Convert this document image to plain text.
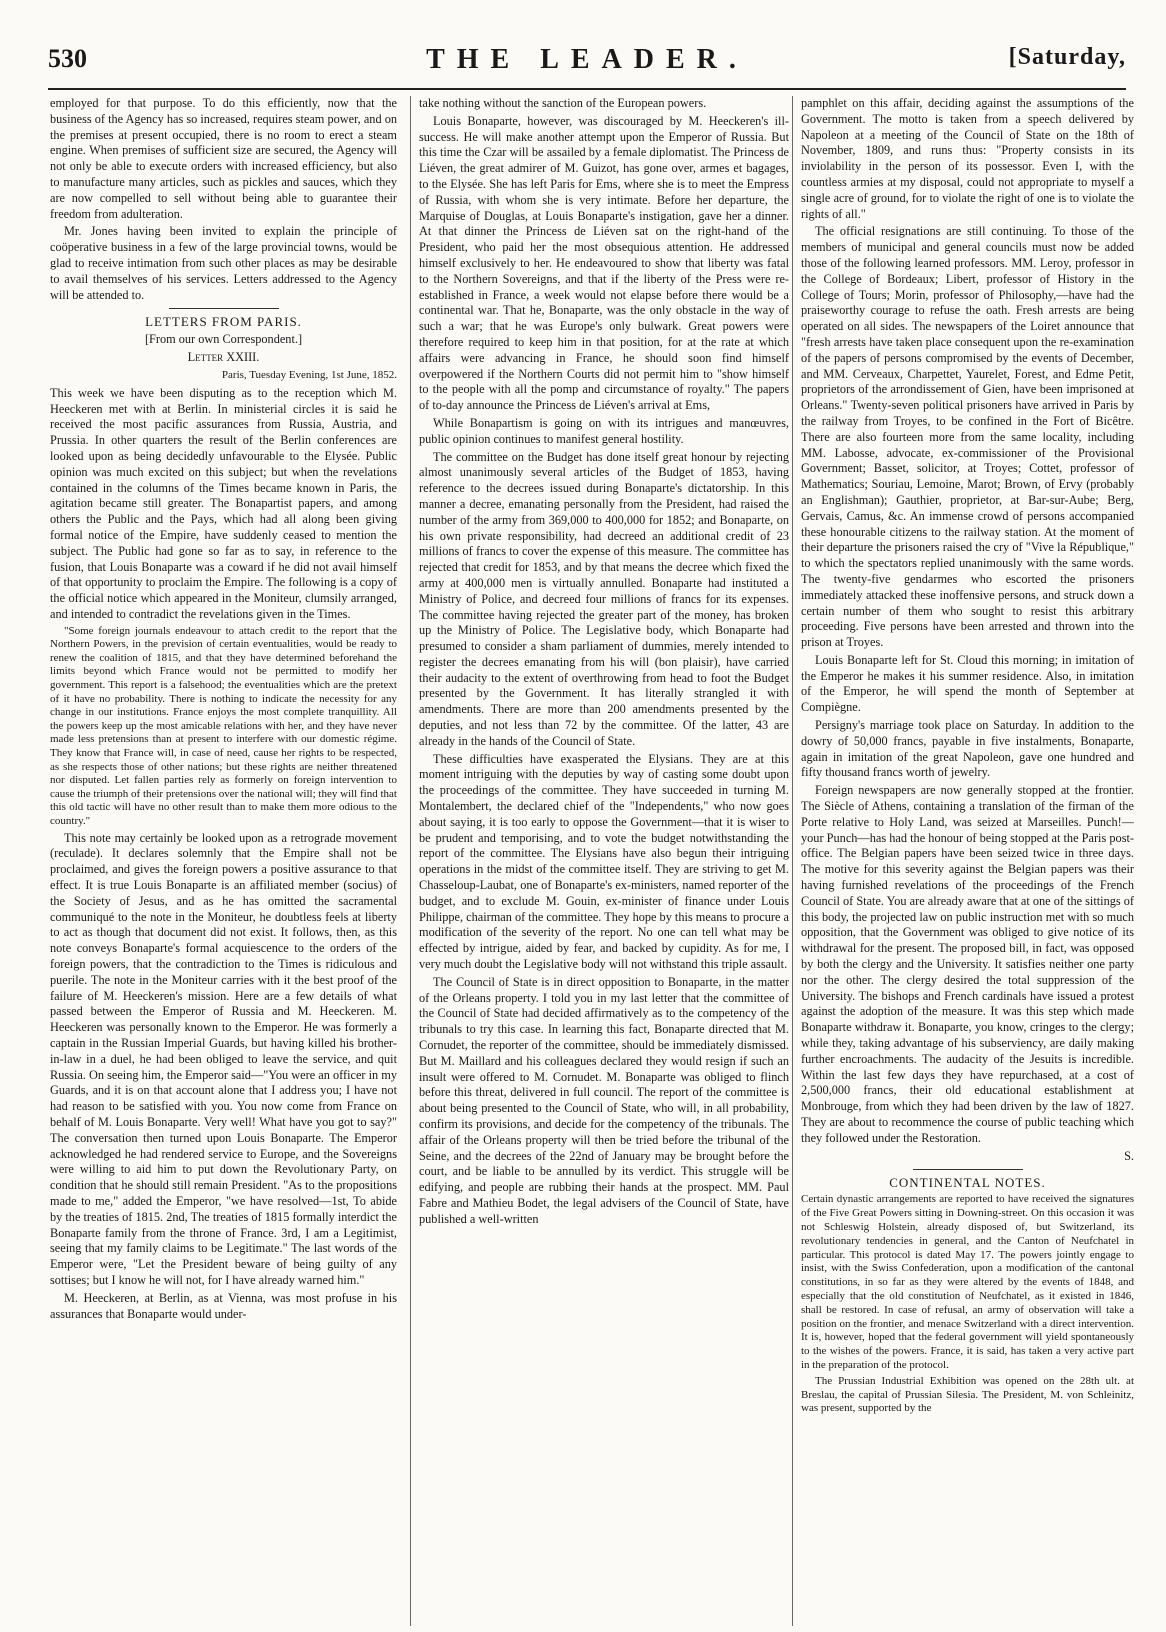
530	THE LEADER.	[Saturday,

employed for that purpose. To do this efficiently, now that the business of the Agency has so increased, requires steam power, and on the premises at present occupied, there is no room to erect a steam engine. When premises of sufficient size are secured, the Agency will not only be able to execute orders with increased efficiency, but also to manufacture many articles, such as pickles and sauces, which they are now compelled to sell without being able to guarantee their freedom from adulteration.

Mr. Jones having been invited to explain the principle of coöperative business in a few of the large provincial towns, would be glad to receive intimation from such other places as may be desirable to avail themselves of his services. Letters addressed to the Agency will be attended to.

LETTERS FROM PARIS.
[From our own Correspondent.]
Letter XXIII.
Paris, Tuesday Evening, 1st June, 1852.

This week we have been disputing as to the reception which M. Heeckeren met with at Berlin. In ministerial circles it is said he received the most pacific assurances from Russia, Austria, and Prussia. In other quarters the result of the Berlin conferences are looked upon as being decidedly unfavourable to the Elysée. Public opinion was much excited on this subject; but when the revelations contained in the columns of the Times became known in Paris, the agitation became still greater. The Bonapartist papers, and among others the Public and the Pays, which had all along been giving formal notice of the Empire, have suddenly ceased to mention the subject. The Public had gone so far as to say, in reference to the fusion, that Louis Bonaparte was a coward if he did not avail himself of that opportunity to proclaim the Empire. The following is a copy of the official notice which appeared in the Moniteur, clumsily arranged, and intended to contradict the revelations given in the Times.

"Some foreign journals endeavour to attach credit to the report that the Northern Powers, in the prevision of certain eventualities, would be ready to renew the coalition of 1815, and that they have determined beforehand the limits beyond which France would not be permitted to modify her government. This report is a falsehood; the eventualities which are the pretext of it have no probability. There is nothing to indicate the necessity for any change in our institutions. France enjoys the most complete tranquillity. All the powers keep up the most amicable relations with her, and they have never made less pretensions than at present to interfere with our domestic régime. They know that France will, in case of need, cause her rights to be respected, as she respects those of other nations; but these rights are neither threatened nor disputed. Let fallen parties rely as formerly on foreign intervention to cause the triumph of their pretensions over the national will; they will find that this old tactic will have no other result than to make them more odious to the country."

This note may certainly be looked upon as a retrograde movement (reculade). It declares solemnly that the Empire shall not be proclaimed, and gives the foreign powers a positive assurance to that effect. It is true Louis Bonaparte is an affiliated member (socius) of the Society of Jesus, and as he has omitted the sacramental communiqué to the note in the Moniteur, he doubtless feels at liberty to act as though that document did not exist. It follows, then, as this note conveys Bonaparte's formal acquiescence to the orders of the foreign powers, that the contradiction to the Times is ridiculous and puerile. The note in the Moniteur carries with it the best proof of the failure of M. Heeckeren's mission. Here are a few details of what passed between the Emperor of Russia and M. Heeckeren. M. Heeckeren was personally known to the Emperor. He was formerly a captain in the Russian Imperial Guards, but having killed his brother-in-law in a duel, he had been obliged to leave the service, and quit Russia. On seeing him, the Emperor said—"You were an officer in my Guards, and it is on that account alone that I address you; I have not had reason to be satisfied with you. You now come from France on behalf of M. Louis Bonaparte. Very well! What have you got to say?" The conversation then turned upon Louis Bonaparte. The Emperor acknowledged he had rendered service to Europe, and the Sovereigns were willing to aid him to put down the Revolutionary Party, on condition that he should still remain President. "As to the propositions made to me," added the Emperor, "we have resolved—1st, To abide by the treaties of 1815. 2nd, The treaties of 1815 formally interdict the Bonaparte family from the throne of France. 3rd, I am a Legitimist, seeing that my family claims to be Legitimate." The last words of the Emperor were, "Let the President beware of being guilty of any sottises; but I know he will not, for I have already warned him."

M. Heeckeren, at Berlin, as at Vienna, was most profuse in his assurances that Bonaparte would under-

take nothing without the sanction of the European powers.

Louis Bonaparte, however, was discouraged by M. Heeckeren's ill-success. He will make another attempt upon the Emperor of Russia. But this time the Czar will be assailed by a female diplomatist. The Princess de Liéven, the great admirer of M. Guizot, has gone over, armes et bagages, to the Elysée. She has left Paris for Ems, where she is to meet the Empress of Russia, with whom she is very intimate. Before her departure, the Marquise of Douglas, at Louis Bonaparte's instigation, gave her a dinner. At that dinner the Princess de Liéven sat on the right-hand of the President, who paid her the most obsequious attention. He addressed himself exclusively to her. He endeavoured to show that liberty was fatal to the Northern Sovereigns, and that if the liberty of the Press were re-established in France, a week would not elapse before there would be a continental war. That he, Bonaparte, was the only obstacle in the way of such a war; that he was Europe's only bulwark. Great powers were therefore required to keep him in that position, for at the rate at which affairs were advancing in France, he should soon find himself overpowered if the Northern Courts did not permit him to "show himself to the people with all the pomp and circumstance of royalty." The papers of to-day announce the Princess de Liéven's arrival at Ems,

While Bonapartism is going on with its intrigues and manœuvres, public opinion continues to manifest general hostility.

The committee on the Budget has done itself great honour by rejecting almost unanimously several articles of the Budget of 1853, having reference to the decrees issued during Bonaparte's dictatorship. In this manner a decree, emanating personally from the President, had raised the number of the army from 369,000 to 400,000 for 1852; and Bonaparte, on his own private responsibility, had decreed an additional credit of 23 millions of francs to cover the expense of this measure. The committee has rejected that credit for 1853, and by that means the decree which fixed the army at 400,000 men is virtually annulled. Bonaparte had instituted a Ministry of Police, and decreed four millions of francs for its expenses. The committee having rejected the greater part of the money, has broken up the Ministry of Police. The Legislative body, which Bonaparte had presumed to consider a sham parliament of dummies, merely intended to register the decrees emanating from his will (bon plaisir), have carried their audacity to the extent of overthrowing from head to foot the Budget presented by the Government. It has literally strangled it with amendments. There are more than 200 amendments presented by the deputies, and not less than 72 by the committee. Of the latter, 43 are already in the hands of the Council of State.

These difficulties have exasperated the Elysians. They are at this moment intriguing with the deputies by way of casting some doubt upon the proceedings of the committee. They have succeeded in turning M. Montalembert, the declared chief of the "Independents," who now goes about saying, it is too early to oppose the Government—that it is wiser to be prudent and temporising, and to vote the budget notwithstanding the report of the committee. The Elysians have also begun their intriguing operations in the midst of the committee itself. They are striving to get M. Chasseloup-Laubat, one of Bonaparte's ex-ministers, named reporter of the budget, and to exclude M. Gouin, ex-minister of finance under Louis Philippe, chairman of the committee. They hope by this means to procure a modification of the severity of the report. No one can tell what may be effected by intrigue, aided by fear, and backed by cupidity. As for me, I very much doubt the Legislative body will not withstand this triple assault.

The Council of State is in direct opposition to Bonaparte, in the matter of the Orleans property. I told you in my last letter that the committee of the Council of State had decided affirmatively as to the competency of the tribunals to try this case. In learning this fact, Bonaparte directed that M. Cornudet, the reporter of the committee, should be immediately dismissed. But M. Maillard and his colleagues declared they would resign if such an insult were offered to M. Cornudet. M. Bonaparte was obliged to flinch before this threat, delivered in full council. The report of the committee is about being presented to the Council of State, who will, in all probability, confirm its provisions, and decide for the competency of the tribunals. The affair of the Orleans property will then be tried before the tribunal of the Seine, and the decrees of the 22nd of January may be brought before the court, and be liable to be annulled by its verdict. This struggle will be edifying, and people are rubbing their hands at the prospect. MM. Paul Fabre and Mathieu Bodet, the legal advisers of the Council of State, have published a well-written

pamphlet on this affair, deciding against the assumptions of the Government. The motto is taken from a speech delivered by Napoleon at a meeting of the Council of State on the 18th of November, 1809, and runs thus: "Property consists in its inviolability in the person of its possessor. Even I, with the countless armies at my disposal, could not appropriate to myself a single acre of ground, for to violate the right of one is to violate the rights of all."

The official resignations are still continuing. To those of the members of municipal and general councils must now be added those of the following learned professors. MM. Leroy, professor in the College of Bordeaux; Libert, professor of History in the College of Tours; Morin, professor of Philosophy,—have had the praiseworthy courage to refuse the oath. Fresh arrests are being operated on all sides. The newspapers of the Loiret announce that "fresh arrests have taken place consequent upon the re-examination of the papers of persons compromised by the events of December, and MM. Cerveaux, Charpettet, Yaurelet, Forest, and Edme Petit, proprietors of the arrondissement of Gien, have been imprisoned at Orleans." Twenty-seven political prisoners have arrived in Paris by the railway from Troyes, to be confined in the Fort of Bicêtre. There are also fourteen more from the same locality, including MM. Labosse, advocate, ex-commissioner of the Provisional Government; Basset, solicitor, at Troyes; Cottet, professor of Mathematics; Souriau, Lemoine, Marot; Brown, of Ervy (probably an Englishman); Gauthier, proprietor, at Bar-sur-Aube; Berg, Gervais, Camus, &c. An immense crowd of persons accompanied these honourable citizens to the railway station. At the moment of their departure the prisoners raised the cry of "Vive la République," to which the spectators replied unanimously with the same words. The twenty-five gendarmes who escorted the prisoners immediately attacked these inoffensive persons, and struck down a certain number of them who sought to resist this arbitrary proceeding. Five persons have been arrested and thrown into the prison at Troyes.

Louis Bonaparte left for St. Cloud this morning; in imitation of the Emperor he makes it his summer residence. Also, in imitation of the Emperor, he will spend the month of September at Compiègne.

Persigny's marriage took place on Saturday. In addition to the dowry of 50,000 francs, payable in five instalments, Bonaparte, again in imitation of the great Napoleon, gave one hundred and fifty thousand francs worth of jewelry.

Foreign newspapers are now generally stopped at the frontier. The Siècle of Athens, containing a translation of the firman of the Porte relative to Holy Land, was seized at Marseilles. Punch!—your Punch—has had the honour of being stopped at the Paris post-office. The Belgian papers have been seized twice in three days. The motive for this severity against the Belgian papers was their having furnished revelations of the proceedings of the French Council of State. You are already aware that at one of the sittings of this body, the projected law on public instruction met with so much opposition, that the Government was obliged to give notice of its withdrawal for the present. The proposed bill, in fact, was opposed by both the clergy and the University. It satisfies neither one party nor the other. The clergy desired the total suppression of the University. The bishops and French cardinals have issued a protest against the adoption of the measure. It was this step which made Bonaparte withdraw it. Bonaparte, you know, cringes to the clergy; while they, taking advantage of his subserviency, are daily making further encroachments. The audacity of the Jesuits is incredible. Within the last few days they have repurchased, at a cost of 2,500,000 francs, their old educational establishment at Monbrouge, from which they had been driven by the law of 1827. They are about to recommence the course of public teaching which they followed under the Restoration.

S.
CONTINENTAL NOTES.

Certain dynastic arrangements are reported to have received the signatures of the Five Great Powers sitting in Downing-street. On this occasion it was not Schleswig Holstein, already disposed of, but Switzerland, its revolutionary tendencies in general, and the Canton of Neufchatel in particular. This protocol is dated May 17. The powers jointly engage to insist, with the Swiss Confederation, upon a modification of the cantonal constitutions, in so far as they were altered by the events of 1848, and especially that the old constitution of Neufchatel, as it existed in 1846, shall be restored. In case of refusal, an army of observation will take a position on the frontier, and menace Switzerland with a direct intervention. It is, however, hoped that the federal government will yield spontaneously to the wishes of the powers. France, it is said, has taken a very active part in the preparation of the protocol.

The Prussian Industrial Exhibition was opened on the 28th ult. at Breslau, the capital of Prussian Silesia. The President, M. von Schleinitz, was present, supported by the
